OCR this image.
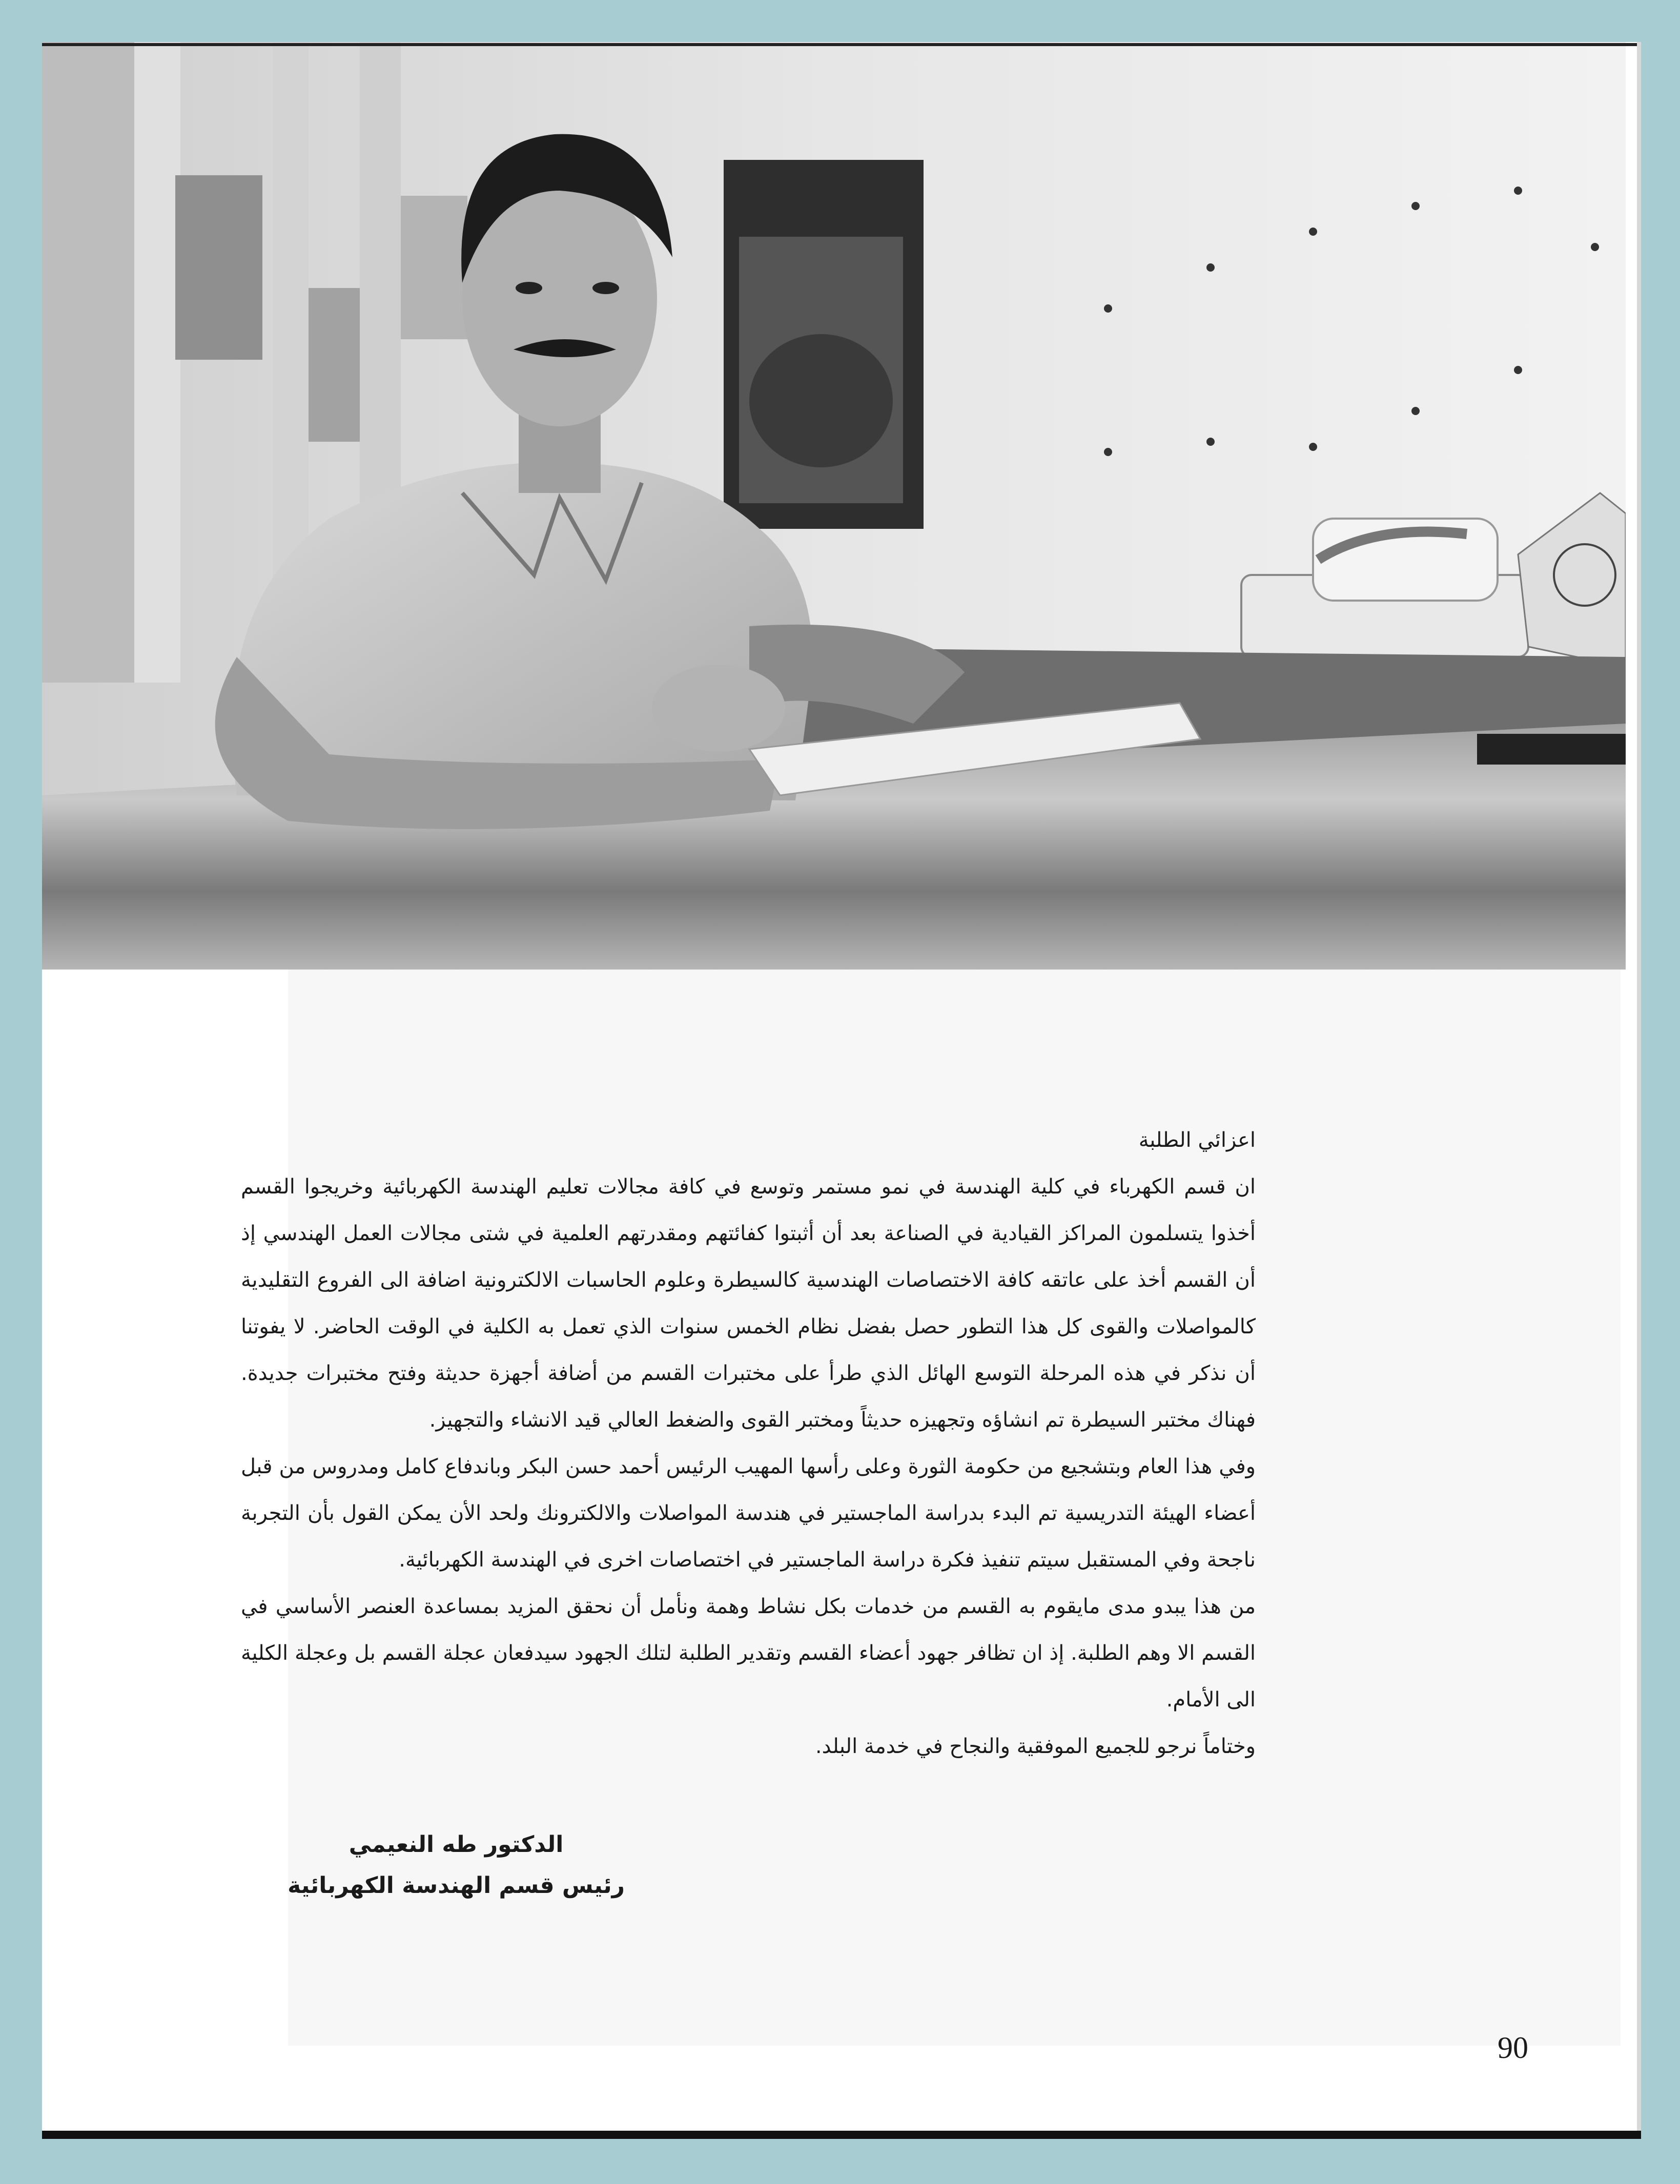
90

اعزائي الطلبة

ان قسم الكهرباء في كلية الهندسة في نمو مستمر وتوسع في كافة مجالات تعليم الهندسة الكهربائية وخريجوا القسم أخذوا يتسلمون المراكز القيادية في الصناعة بعد أن أثبتوا كفائتهم ومقدرتهم العلمية في شتى مجالات العمل الهندسي إذ أن القسم أخذ على عاتقه كافة الاختصاصات الهندسية كالسيطرة وعلوم الحاسبات الالكترونية اضافة الى الفروع التقليدية كالمواصلات والقوى كل هذا التطور حصل بفضل نظام الخمس سنوات الذي تعمل به الكلية في الوقت الحاضر. لا يفوتنا أن نذكر في هذه المرحلة التوسع الهائل الذي طرأ على مختبرات القسم من أضافة أجهزة حديثة وفتح مختبرات جديدة. فهناك مختبر السيطرة تم انشاؤه وتجهيزه حديثاً ومختبر القوى والضغط العالي قيد الانشاء والتجهيز.

وفي هذا العام وبتشجيع من حكومة الثورة وعلى رأسها المهيب الرئيس أحمد حسن البكر وباندفاع كامل ومدروس من قبل أعضاء الهيئة التدريسية تم البدء بدراسة الماجستير في هندسة المواصلات والالكترونك ولحد الأن يمكن القول بأن التجربة ناجحة وفي المستقبل سيتم تنفيذ فكرة دراسة الماجستير في اختصاصات اخرى في الهندسة الكهربائية.

من هذا يبدو مدى مايقوم به القسم من خدمات بكل نشاط وهمة ونأمل أن نحقق المزيد بمساعدة العنصر الأساسي في القسم الا وهم الطلبة. إذ ان تظافر جهود أعضاء القسم وتقدير الطلبة لتلك الجهود سيدفعان عجلة القسم بل وعجلة الكلية الى الأمام.

وختاماً نرجو للجميع الموفقية والنجاح في خدمة البلد.

الدكتور طه النعيمي
رئيس قسم الهندسة الكهربائية
